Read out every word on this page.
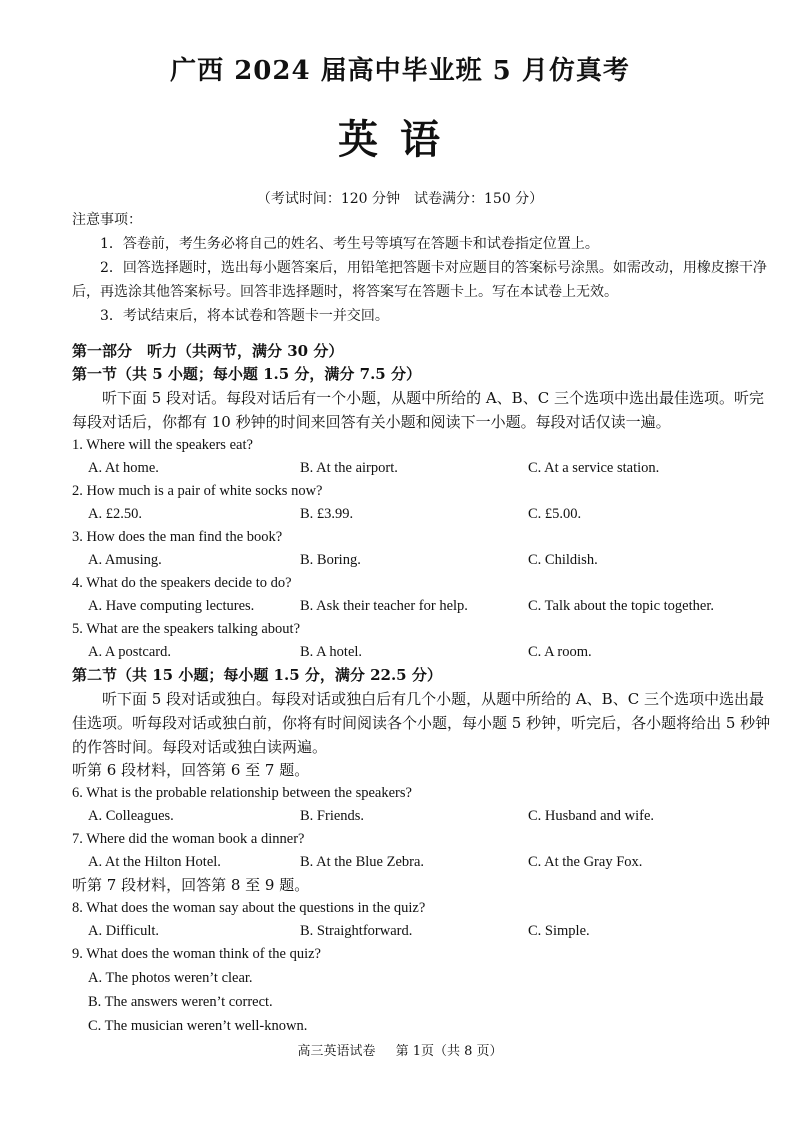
广西 2024 届高中毕业班 5 月仿真考
英语
（考试时间：120 分钟　试卷满分：150 分）

注意事项：

1．答卷前，考生务必将自己的姓名、考生号等填写在答题卡和试卷指定位置上。

2．回答选择题时，选出每小题答案后，用铅笔把答题卡对应题目的答案标号涂黑。如需改动，用橡皮擦干净后，再选涂其他答案标号。回答非选择题时，将答案写在答题卡上。写在本试卷上无效。

3．考试结束后，将本试卷和答题卡一并交回。

第一部分　听力（共两节，满分 30 分）
第一节（共 5 小题；每小题 1.5 分，满分 7.5 分）

听下面 5 段对话。每段对话后有一个小题，从题中所给的 A、B、C 三个选项中选出最佳选项。听完每段对话后，你都有 10 秒钟的时间来回答有关小题和阅读下一小题。每段对话仅读一遍。

1. Where will the speakers eat?
A. At home.	B. At the airport.	C. At a service station.
2. How much is a pair of white socks now?
A. £2.50.	B. £3.99.	C. £5.00.
3. How does the man find the book?
A. Amusing.	B. Boring.	C. Childish.
4. What do the speakers decide to do?
A. Have computing lectures.	B. Ask their teacher for help.	C. Talk about the topic together.
5. What are the speakers talking about?
A. A postcard.	B. A hotel.	C. A room.
第二节（共 15 小题；每小题 1.5 分，满分 22.5 分）

听下面 5 段对话或独白。每段对话或独白后有几个小题，从题中所给的 A、B、C 三个选项中选出最佳选项。听每段对话或独白前，你将有时间阅读各个小题，每小题 5 秒钟，听完后，各小题将给出 5 秒钟的作答时间。每段对话或独白读两遍。

听第 6 段材料，回答第 6 至 7 题。
6. What is the probable relationship between the speakers?
A. Colleagues.	B. Friends.	C. Husband and wife.
7. Where did the woman book a dinner?
A. At the Hilton Hotel.	B. At the Blue Zebra.	C. At the Gray Fox.
听第 7 段材料，回答第 8 至 9 题。
8. What does the woman say about the questions in the quiz?
A. Difficult.	B. Straightforward.	C. Simple.
9. What does the woman think of the quiz?
A. The photos weren’t clear.
B. The answers weren’t correct.
C. The musician weren’t well-known.
高三英语试卷 第 1页（共 8 页）
